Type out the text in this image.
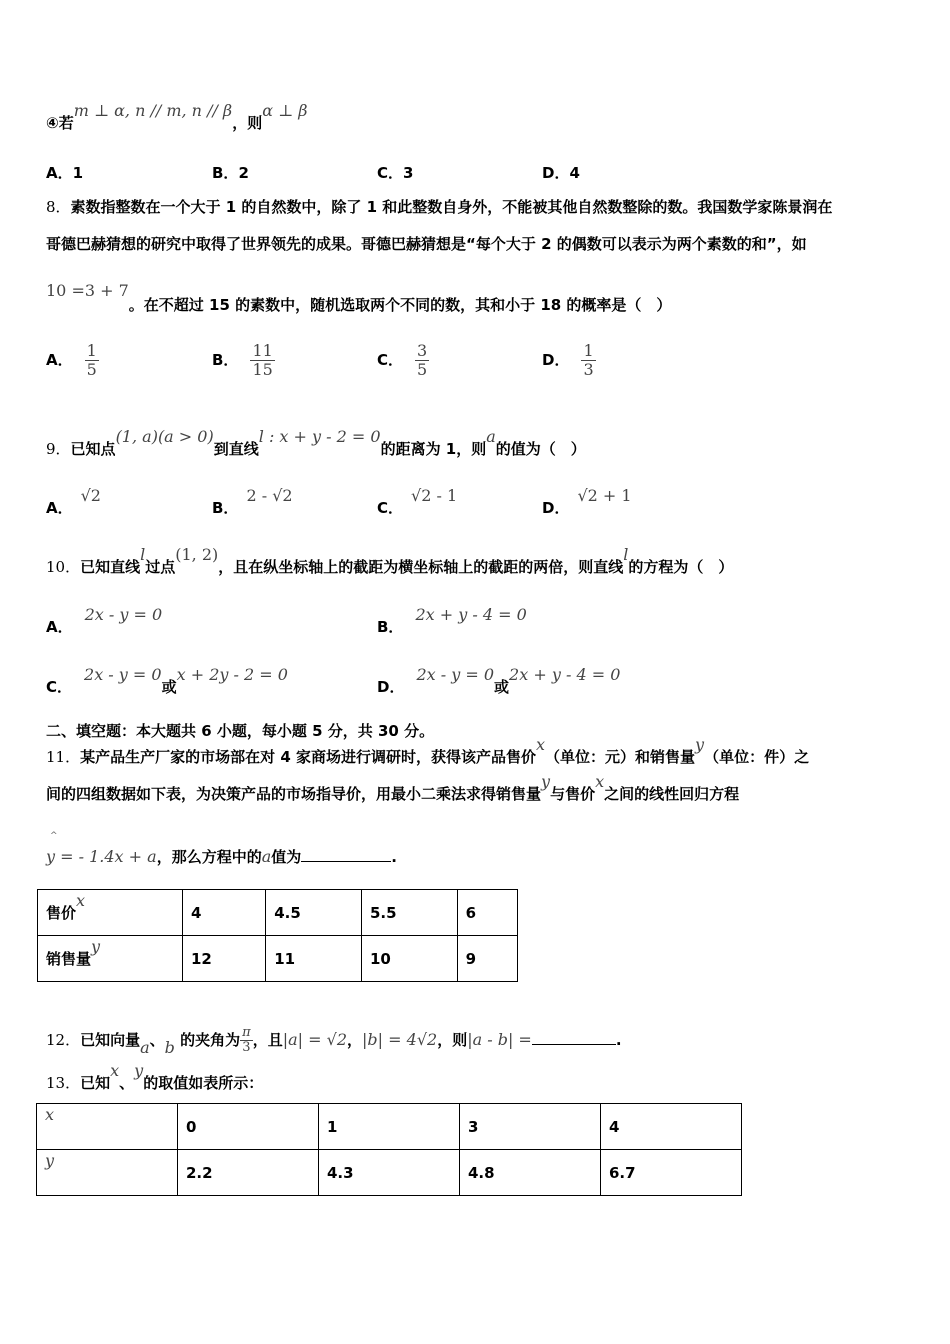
④若m ⊥ α, n // m, n // β，则α ⊥ β
A．1	B．2	C．3	D．4
8．素数指整数在一个大于 1 的自然数中，除了 1 和此整数自身外，不能被其他自然数整除的数。我国数学家陈景润在
哥德巴赫猜想的研究中取得了世界领先的成果。哥德巴赫猜想是“每个大于 2 的偶数可以表示为两个素数的和”，如
10 =3 + 7。在不超过 15 的素数中，随机选取两个不同的数，其和小于 18 的概率是（　）
A． $\frac{1}{5}$	B． $\frac{11}{15}$	C． $\frac{3}{5}$	D． $\frac{1}{3}$
9．已知点(1, a)(a > 0)到直线l : x + y - 2 = 0的距离为 1，则a的值为（　）
A．√2
B．2 - √2
C．√2 - 1
D．√2 + 1
10．已知直线l过点(1, 2)，且在纵坐标轴上的截距为横坐标轴上的截距的两倍，则直线l的方程为（　）
A．2x - y = 0
B．2x + y - 4 = 0
C．2x - y = 0或x + 2y - 2 = 0
D．2x - y = 0或2x + y - 4 = 0
二、填空题：本大题共 6 小题，每小题 5 分，共 30 分。
11．某产品生产厂家的市场部在对 4 家商场进行调研时，获得该产品售价x（单位：元）和销售量y（单位：件）之
间的四组数据如下表，为决策产品的市场指导价，用最小二乘法求得销售量y与售价x之间的线性回归方程
^
y = - 1.4x + a，那么方程中的a值为	.
售价x	4	4.5	5.5	6
销售量y	12	11	10	9
12．已知向量a、b 的夹角为 $\frac{\pi}{3}$ ，且|a| = √2，|b| = 4√2，则|a - b| =	.
13．已知x、y的取值如表所示：
x	0	1	3	4
y	2.2	4.3	4.8	6.7
